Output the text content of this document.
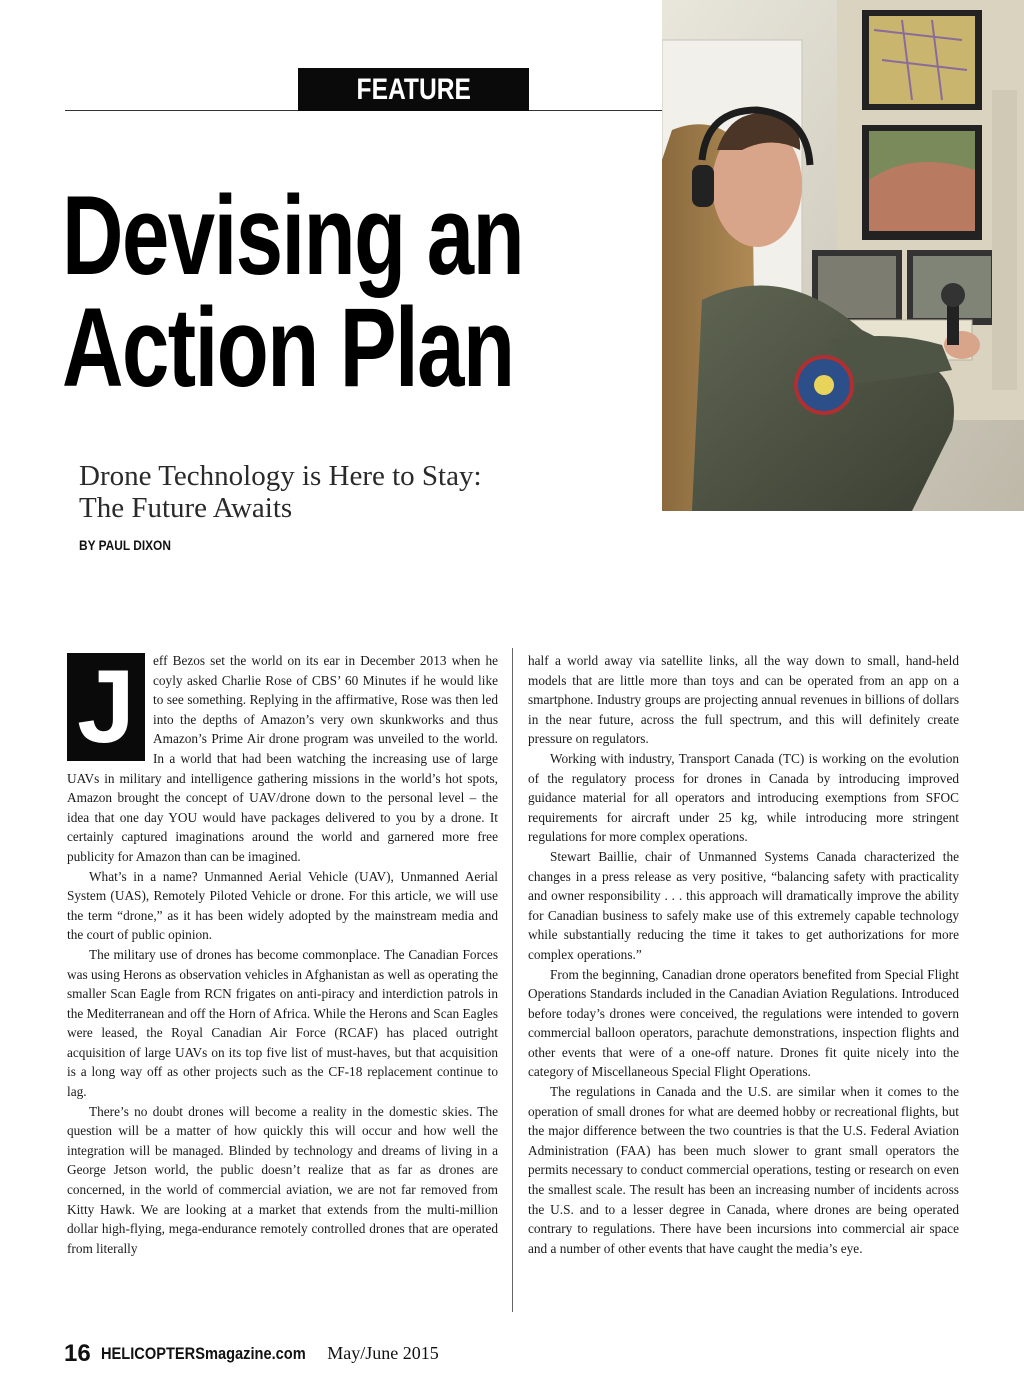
FEATURE
Devising an
Action Plan
Drone Technology is Here to Stay:
The Future Awaits
BY PAUL DIXON
J	eff Bezos set the world on its ear in December 2013 when he coyly asked Charlie Rose of CBS’ 60 Minutes if he would like to see something. Replying in the affirmative, Rose was then led into the depths of Amazon’s very own skunkworks and thus Amazon’s Prime Air drone program was unveiled to the world. In a world that had been watching the increasing use of large UAVs in military and intelligence gathering missions in the world’s hot spots, Amazon brought the concept of UAV/drone down to the personal level – the idea that one day YOU would have packages delivered to you by a drone. It certainly captured imaginations around the world and garnered more free publicity for Amazon than can be imagined.

What’s in a name? Unmanned Aerial Vehicle (UAV), Unmanned Aerial System (UAS), Remotely Piloted Vehicle or drone. For this article, we will use the term “drone,” as it has been widely adopted by the mainstream media and the court of public opinion.

The military use of drones has become commonplace. The Canadian Forces was using Herons as observation vehicles in Afghanistan as well as operating the smaller Scan Eagle from RCN frigates on anti-piracy and interdiction patrols in the Mediterranean and off the Horn of Africa. While the Herons and Scan Eagles were leased, the Royal Canadian Air Force (RCAF) has placed outright acquisition of large UAVs on its top five list of must-haves, but that acquisition is a long way off as other projects such as the CF-18 replacement continue to lag.

There’s no doubt drones will become a reality in the domestic skies. The question will be a matter of how quickly this will occur and how well the integration will be managed. Blinded by technology and dreams of living in a George Jetson world, the public doesn’t realize that as far as drones are concerned, in the world of commercial aviation, we are not far removed from Kitty Hawk. We are looking at a market that extends from the multi-million dollar high-flying, mega-endurance remotely controlled drones that are operated from literally

half a world away via satellite links, all the way down to small, hand-held models that are little more than toys and can be operated from an app on a smartphone. Industry groups are projecting annual revenues in billions of dollars in the near future, across the full spectrum, and this will definitely create pressure on regulators.

Working with industry, Transport Canada (TC) is working on the evolution of the regulatory process for drones in Canada by introducing improved guidance material for all operators and introducing exemptions from SFOC requirements for aircraft under 25 kg, while introducing more stringent regulations for more complex operations.

Stewart Baillie, chair of Unmanned Systems Canada characterized the changes in a press release as very positive, “balancing safety with practicality and owner responsibility . . . this approach will dramatically improve the ability for Canadian business to safely make use of this extremely capable technology while substantially reducing the time it takes to get authorizations for more complex operations.”

From the beginning, Canadian drone operators benefited from Special Flight Operations Standards included in the Canadian Aviation Regulations. Introduced before today’s drones were conceived, the regulations were intended to govern commercial balloon operators, parachute demonstrations, inspection flights and other events that were of a one-off nature. Drones fit quite nicely into the category of Miscellaneous Special Flight Operations.

The regulations in Canada and the U.S. are similar when it comes to the operation of small drones for what are deemed hobby or recreational flights, but the major difference between the two countries is that the U.S. Federal Aviation Administration (FAA) has been much slower to grant small operators the permits necessary to conduct commercial operations, testing or research on even the smallest scale. The result has been an increasing number of incidents across the U.S. and to a lesser degree in Canada, where drones are being operated contrary to regulations. There have been incursions into commercial air space and a number of other events that have caught the media’s eye.

16 HELICOPTERSmagazine.com May/June 2015
